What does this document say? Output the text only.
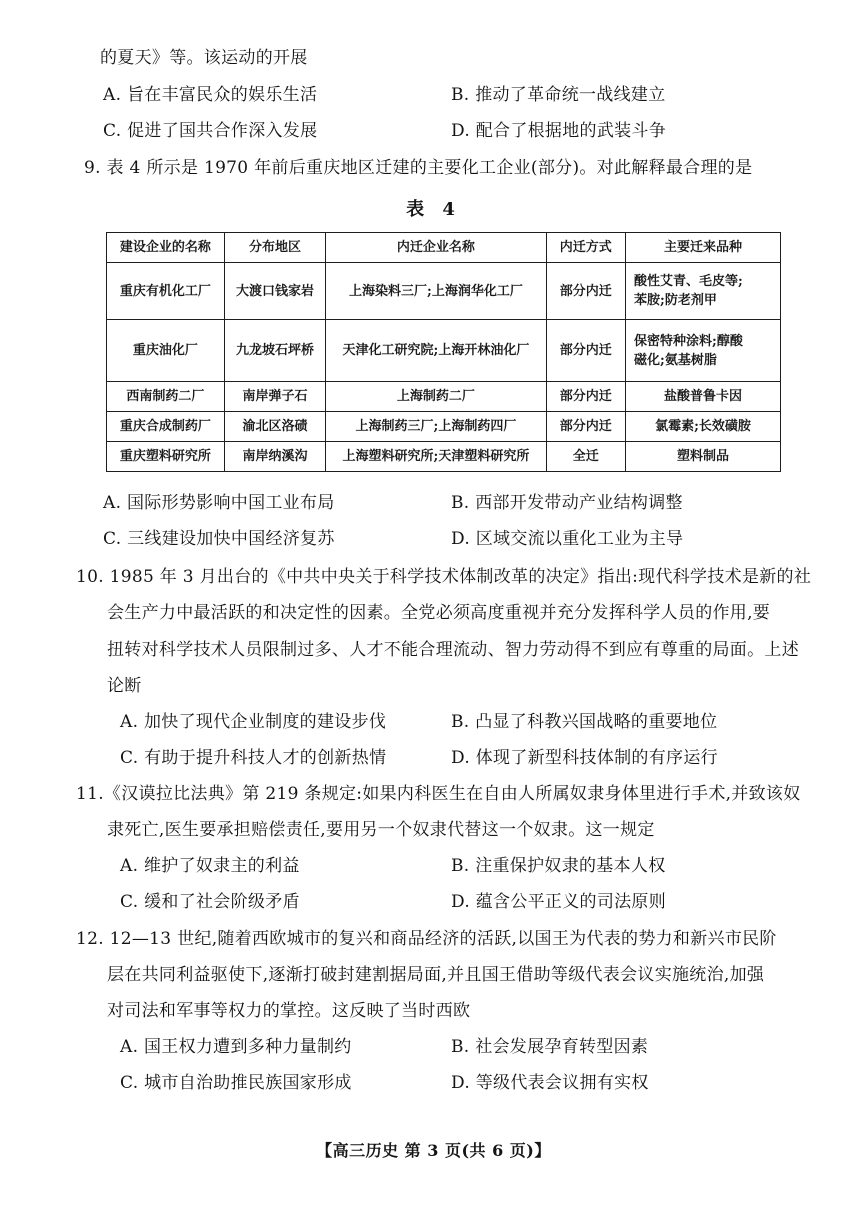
的夏天》等。该运动的开展
A. 旨在丰富民众的娱乐生活	B. 推动了革命统一战线建立
C. 促进了国共合作深入发展	D. 配合了根据地的武装斗争
9. 表 4 所示是 1970 年前后重庆地区迁建的主要化工企业(部分)。对此解释最合理的是
表 4
建设企业的名称	分布地区	内迁企业名称	内迁方式	主要迁来品种
重庆有机化工厂	大渡口钱家岩	上海染料三厂;上海润华化工厂	部分内迁	酸性艾青、毛皮等;
苯胺;防老剂甲

重庆油化厂	九龙坡石坪桥	天津化工研究院;上海开林油化厂	部分内迁	保密特种涂料;醇酸
磁化;氨基树脂

西南制药二厂	南岸弹子石	上海制药二厂	部分内迁	盐酸普鲁卡因
重庆合成制药厂	渝北区洛碛	上海制药三厂;上海制药四厂	部分内迁	氯霉素;长效磺胺
重庆塑料研究所	南岸纳溪沟	上海塑料研究所;天津塑料研究所	全迁	塑料制品
A. 国际形势影响中国工业布局	B. 西部开发带动产业结构调整
C. 三线建设加快中国经济复苏	D. 区域交流以重化工业为主导
10. 1985 年 3 月出台的《中共中央关于科学技术体制改革的决定》指出:现代科学技术是新的社
会生产力中最活跃的和决定性的因素。全党必须高度重视并充分发挥科学人员的作用,要
扭转对科学技术人员限制过多、人才不能合理流动、智力劳动得不到应有尊重的局面。上述
论断
A. 加快了现代企业制度的建设步伐	B. 凸显了科教兴国战略的重要地位
C. 有助于提升科技人才的创新热情	D. 体现了新型科技体制的有序运行
11.《汉谟拉比法典》第 219 条规定:如果内科医生在自由人所属奴隶身体里进行手术,并致该奴
隶死亡,医生要承担赔偿责任,要用另一个奴隶代替这一个奴隶。这一规定
A. 维护了奴隶主的利益	B. 注重保护奴隶的基本人权
C. 缓和了社会阶级矛盾	D. 蕴含公平正义的司法原则
12. 12—13 世纪,随着西欧城市的复兴和商品经济的活跃,以国王为代表的势力和新兴市民阶
层在共同利益驱使下,逐渐打破封建割据局面,并且国王借助等级代表会议实施统治,加强
对司法和军事等权力的掌控。这反映了当时西欧
A. 国王权力遭到多种力量制约	B. 社会发展孕育转型因素
C. 城市自治助推民族国家形成	D. 等级代表会议拥有实权
【高三历史 第 3 页(共 6 页)】
